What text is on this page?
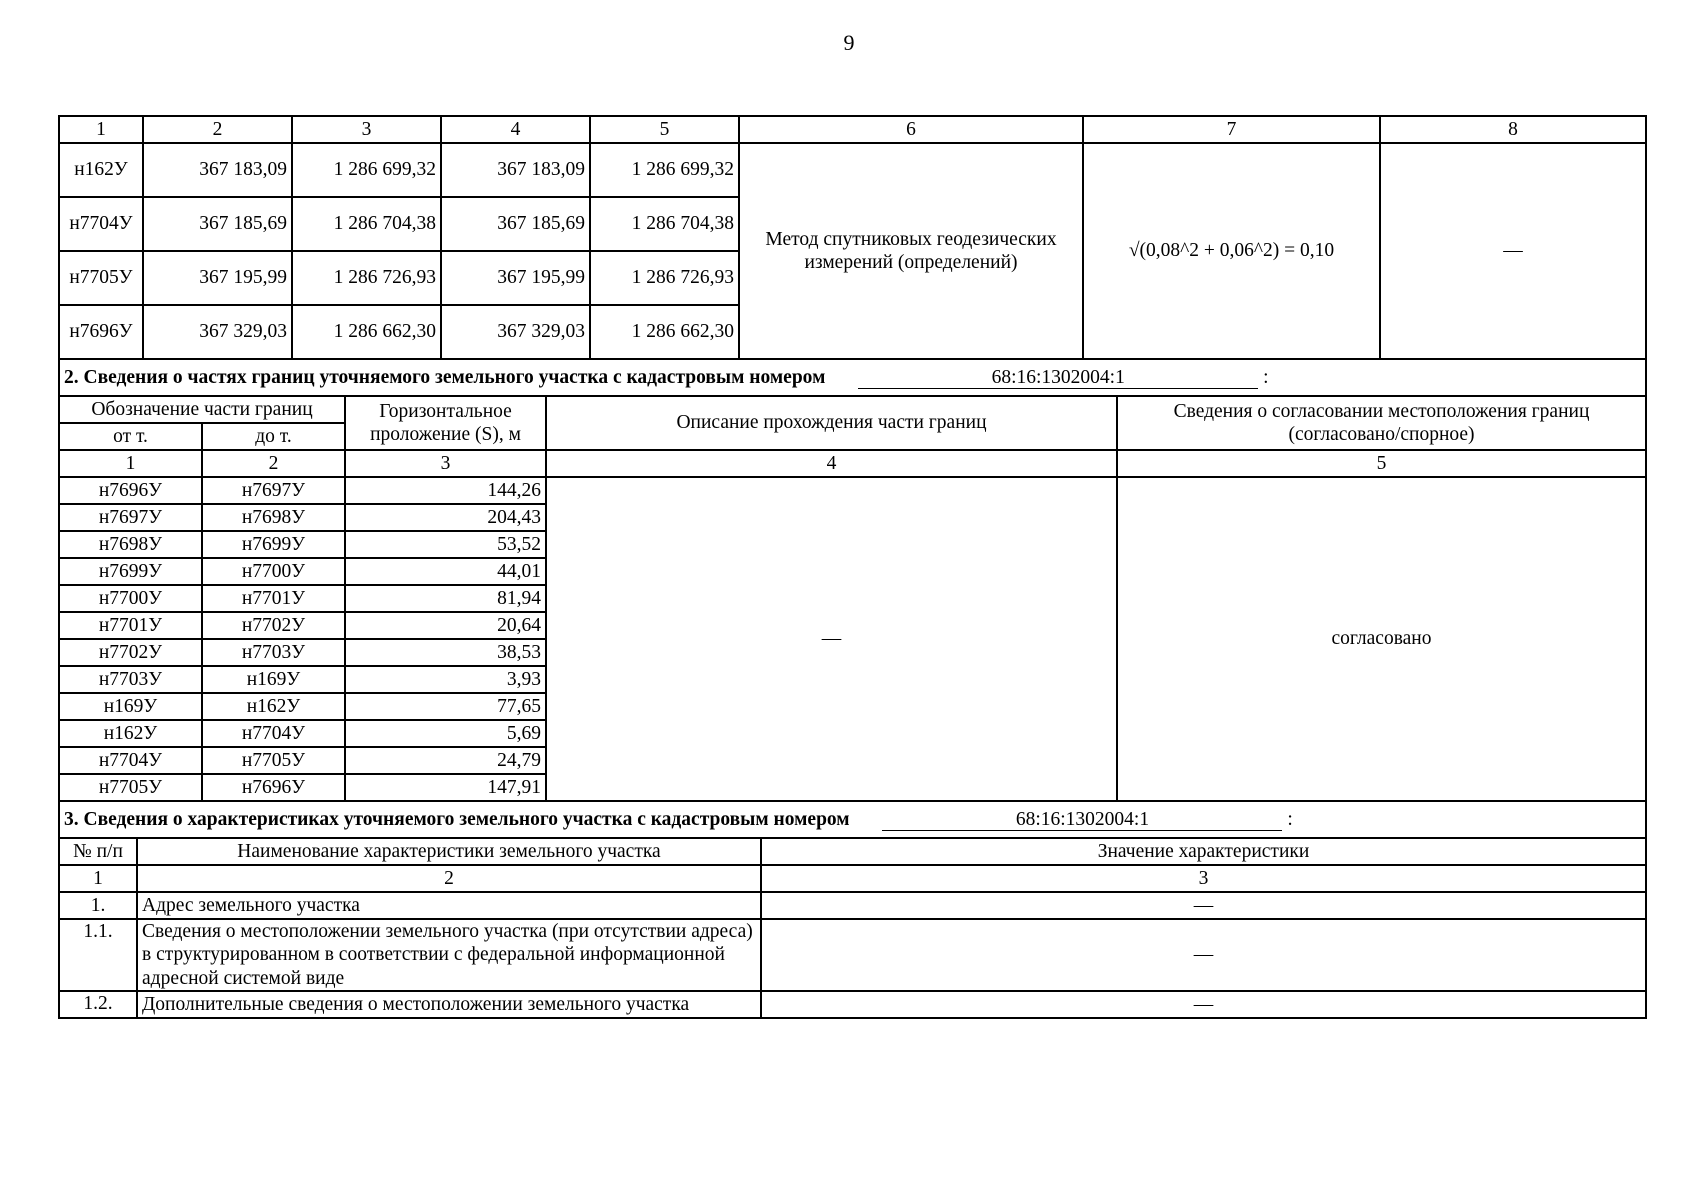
9
1	2	3	4	5	6	7	8
н162У	367 183,09	1 286 699,32	367 183,09	1 286 699,32	Метод спутниковых геодезических измерений (определений)	√(0,08^2 + 0,06^2) = 0,10	—
н7704У	367 185,69	1 286 704,38	367 185,69	1 286 704,38			
н7705У	367 195,99	1 286 726,93	367 195,99	1 286 726,93			
н7696У	367 329,03	1 286 662,30	367 329,03	1 286 662,30			
2. Сведения о частях границ уточняемого земельного участка с кадастровым номером 68:16:1302004:1 :				
Обозначение части границ		Горизонтальное проложение (S), м	Описание прохождения части границ	Сведения о согласовании местоположения границ (согласовано/спорное)
от т.	до т.			
1	2	3	4	5
н7696У	н7697У	144,26	—	согласовано
н7697У	н7698У	204,43		
н7698У	н7699У	53,52		
н7699У	н7700У	44,01		
н7700У	н7701У	81,94		
н7701У	н7702У	20,64		
н7702У	н7703У	38,53		
н7703У	н169У	3,93		
н169У	н162У	77,65		
н162У	н7704У	5,69		
н7704У	н7705У	24,79		
н7705У	н7696У	147,91		
3. Сведения о характеристиках уточняемого земельного участка с кадастровым номером 68:16:1302004:1 :		
№ п/п	Наименование характеристики земельного участка	Значение характеристики
1	2	3
1.	Адрес земельного участка	—
1.1.	Сведения о местоположении земельного участка (при отсутствии адреса) в структурированном в соответствии с федеральной информационной адресной системой виде	—
1.2.	Дополнительные сведения о местоположении земельного участка	—
